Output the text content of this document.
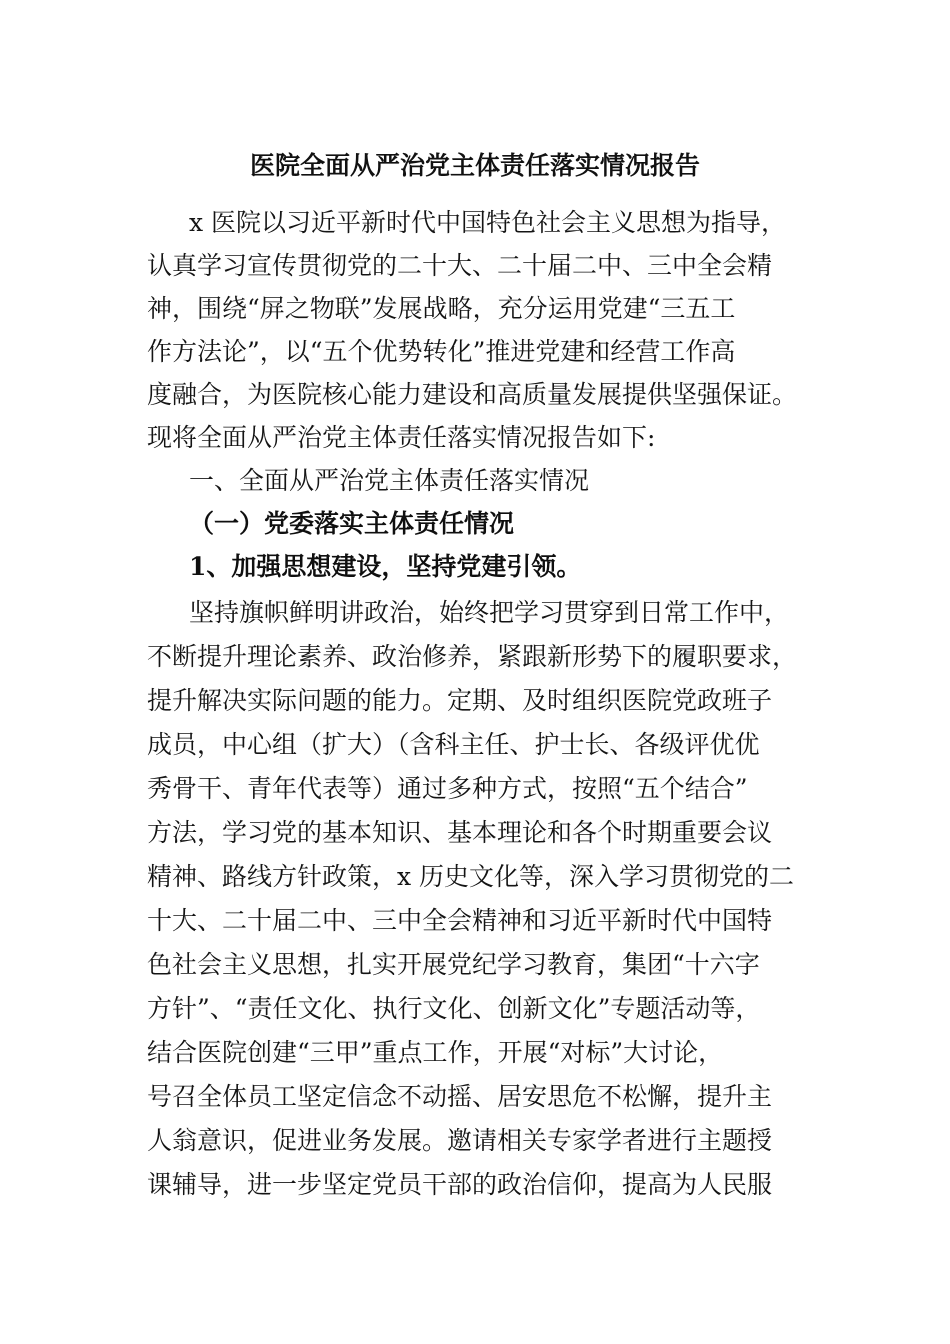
医院全面从严治党主体责任落实情况报告

x 医院以习近平新时代中国特色社会主义思想为指导，

认真学习宣传贯彻党的二十大、二十届二中、三中全会精

神，围绕“屏之物联”发展战略，充分运用党建“三五工

作方法论”，以“五个优势转化”推进党建和经营工作高

度融合，为医院核心能力建设和高质量发展提供坚强保证。

现将全面从严治党主体责任落实情况报告如下:

一、全面从严治党主体责任落实情况

（一）党委落实主体责任情况

1、加强思想建设，坚持党建引领。

坚持旗帜鲜明讲政治，始终把学习贯穿到日常工作中，

不断提升理论素养、政治修养，紧跟新形势下的履职要求，

提升解决实际问题的能力。定期、及时组织医院党政班子

成员，中心组（扩大）（含科主任、护士长、各级评优优

秀骨干、青年代表等）通过多种方式，按照“五个结合”

方法，学习党的基本知识、基本理论和各个时期重要会议

精神、路线方针政策，x 历史文化等，深入学习贯彻党的二

十大、二十届二中、三中全会精神和习近平新时代中国特

色社会主义思想，扎实开展党纪学习教育，集团“十六字

方针”、“责任文化、执行文化、创新文化”专题活动等，

结合医院创建“三甲”重点工作，开展“对标”大讨论，

号召全体员工坚定信念不动摇、居安思危不松懈，提升主

人翁意识，促进业务发展。邀请相关专家学者进行主题授

课辅导，进一步坚定党员干部的政治信仰，提高为人民服
